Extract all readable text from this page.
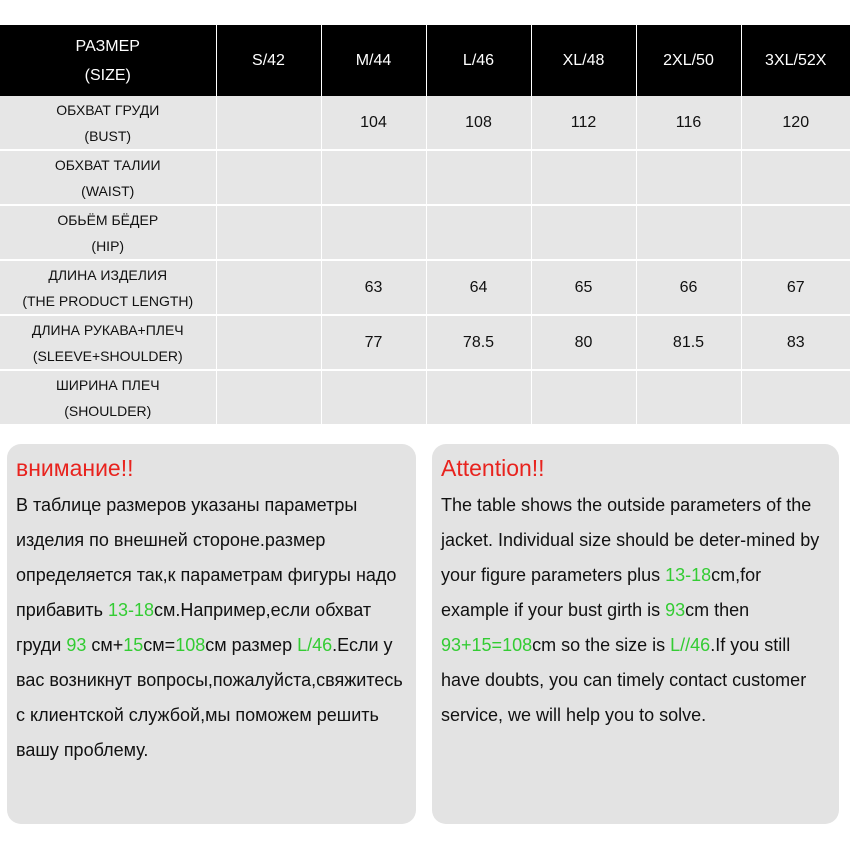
РАЗМЕР
(SIZE)	S/42	M/44	L/46	XL/48	2XL/50	3XL/52X
ОБХВАТ ГРУДИ
(BUST)		104	108	112	116	120
ОБХВАТ ТАЛИИ
(WAIST)						
ОБЬЁМ БЁДЕР
(HIP)						
ДЛИНА ИЗДЕЛИЯ
(THE PRODUCT LENGTH)		63	64	65	66	67
ДЛИНА РУКАВА+ПЛЕЧ
(SLEEVE+SHOULDER)		77	78.5	80	81.5	83
ШИРИНА ПЛЕЧ
(SHOULDER)						
внимание!!

В таблице размеров указаны параметры изделия по внешней стороне.размер определяется так,к параметрам фигуры надо прибавить 13-18см.Например,если обхват груди 93 см+15см=108см размер L/46.Если у вас возникнут вопросы,пожалуйста,свяжитесь с клиентской службой,мы поможем решить вашу проблему.

Attention!!

The table shows the outside parameters of the jacket. Individual size should be deter-mined by your figure parameters plus 13-18cm,for example if your bust girth is 93cm then 93+15=108cm so the size is L//46.If you still have doubts, you can timely contact customer service, we will help you to solve.
